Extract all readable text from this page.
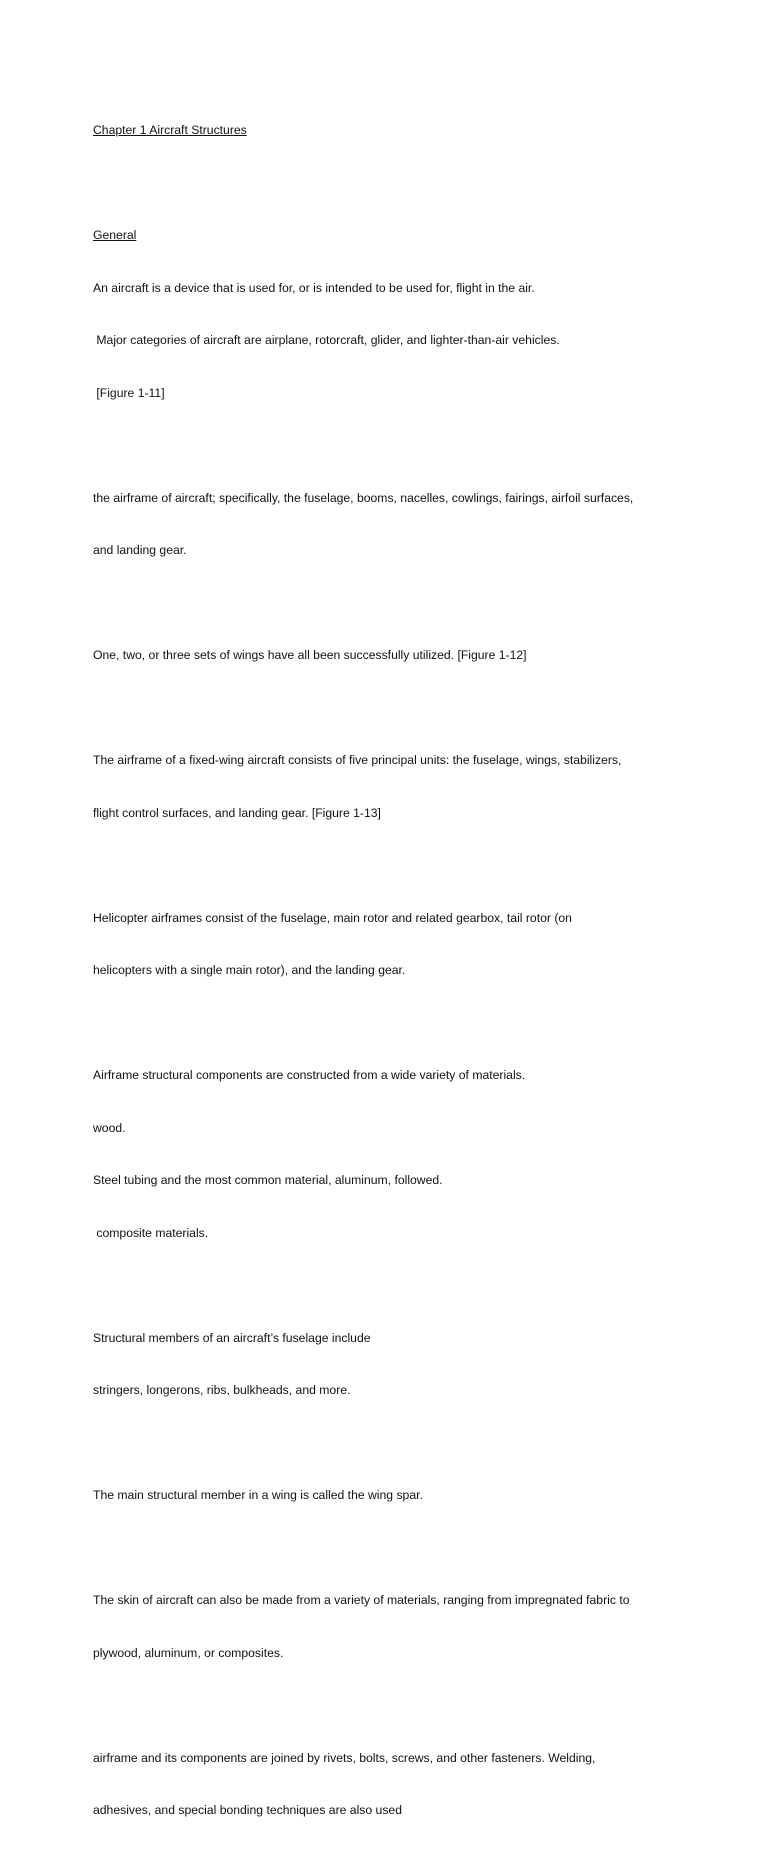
Chapter 1 Aircraft Structures

General

An aircraft is a device that is used for, or is intended to be used for, flight in the air.

Major categories of aircraft are airplane, rotorcraft, glider, and lighter-than-air vehicles.

[Figure 1-11]

the airframe of aircraft; specifically, the fuselage, booms, nacelles, cowlings, fairings, airfoil surfaces,

and landing gear.

One, two, or three sets of wings have all been successfully utilized. [Figure 1-12]

The airframe of a fixed-wing aircraft consists of five principal units: the fuselage, wings, stabilizers,

flight control surfaces, and landing gear. [Figure 1-13]

Helicopter airframes consist of the fuselage, main rotor and related gearbox, tail rotor (on

helicopters with a single main rotor), and the landing gear.

Airframe structural components are constructed from a wide variety of materials.

wood.

Steel tubing and the most common material, aluminum, followed.

composite materials.

Structural members of an aircraft’s fuselage include

stringers, longerons, ribs, bulkheads, and more.

The main structural member in a wing is called the wing spar.

The skin of aircraft can also be made from a variety of materials, ranging from impregnated fabric to

plywood, aluminum, or composites.

airframe and its components are joined by rivets, bolts, screws, and other fasteners. Welding,

adhesives, and special bonding techniques are also used
